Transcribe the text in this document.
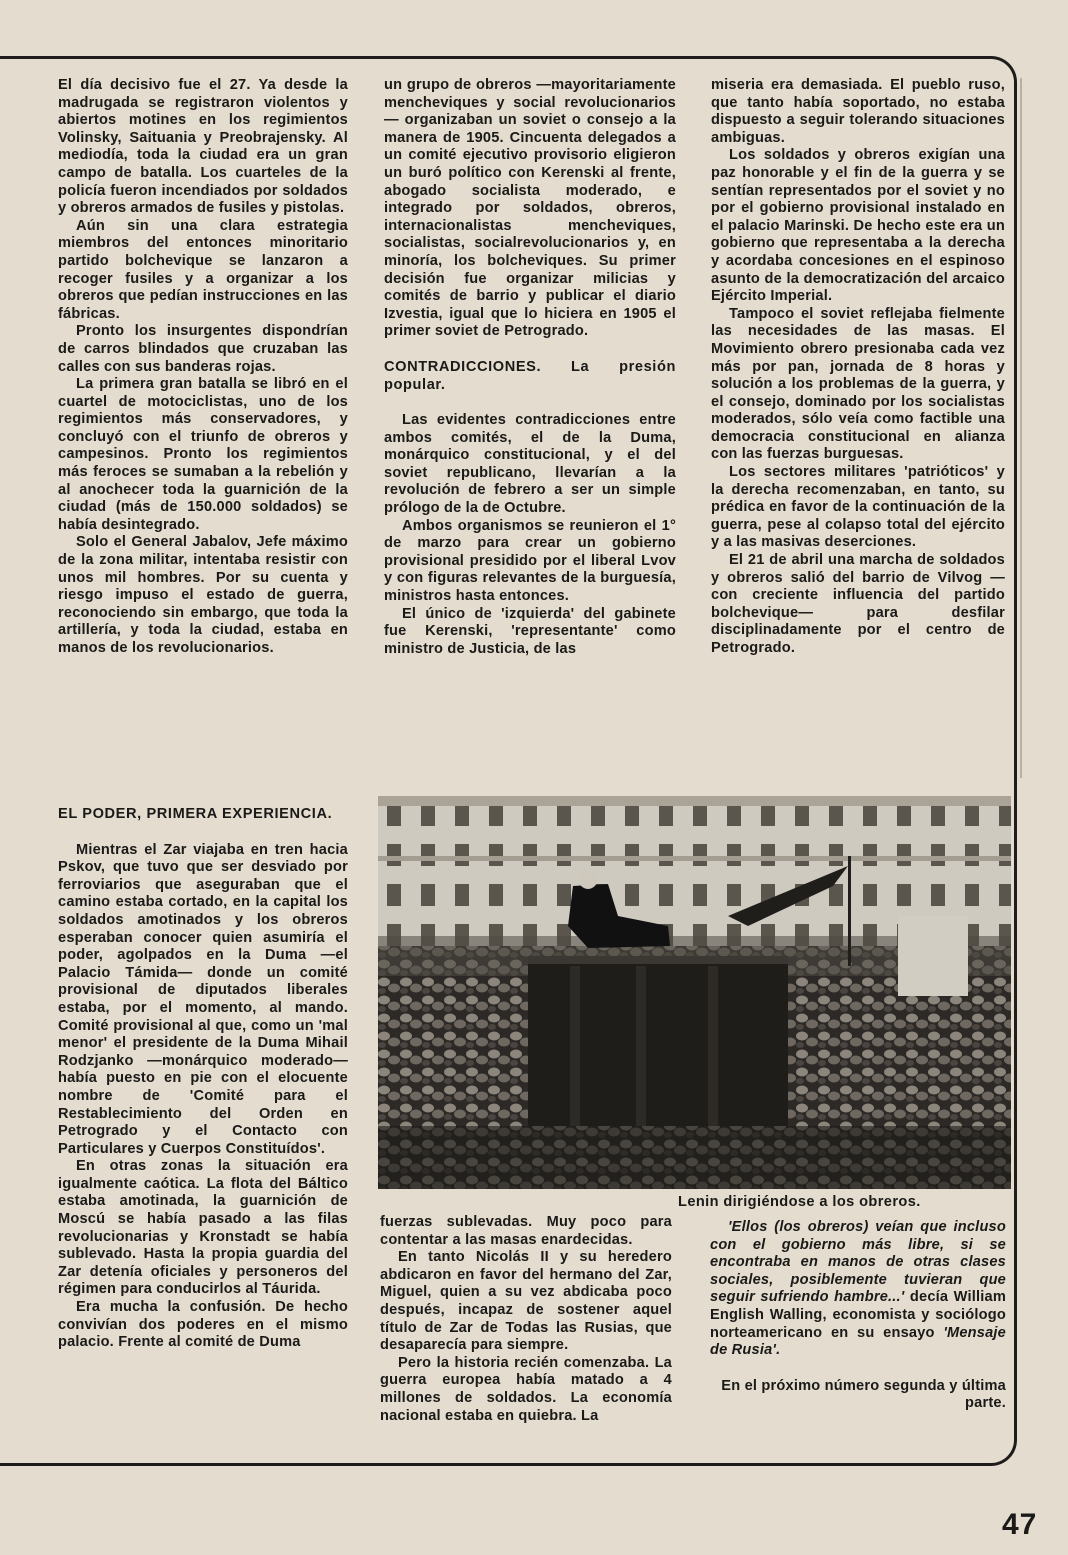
El día decisivo fue el 27. Ya desde la madrugada se registraron violentos y abiertos motines en los regimientos Volinsky, Saituania y Preobrajensky. Al mediodía, toda la ciudad era un gran campo de batalla. Los cuarteles de la policía fueron incendiados por soldados y obreros armados de fusiles y pistolas.

Aún sin una clara estrategia miembros del entonces minoritario partido bolchevique se lanzaron a recoger fusiles y a organizar a los obreros que pedían instrucciones en las fábricas.

Pronto los insurgentes dispondrían de carros blindados que cruzaban las calles con sus banderas rojas.

La primera gran batalla se libró en el cuartel de motociclistas, uno de los regimientos más conservadores, y concluyó con el triunfo de obreros y campesinos. Pronto los regimientos más feroces se sumaban a la rebelión y al anochecer toda la guarnición de la ciudad (más de 150.000 soldados) se había desintegrado.

Solo el General Jabalov, Jefe máximo de la zona militar, intentaba resistir con unos mil hombres. Por su cuenta y riesgo impuso el estado de guerra, reconociendo sin embargo, que toda la artillería, y toda la ciudad, estaba en manos de los revolucionarios.

EL PODER, PRIMERA EXPERIENCIA.

Mientras el Zar viajaba en tren hacia Pskov, que tuvo que ser desviado por ferroviarios que aseguraban que el camino estaba cortado, en la capital los soldados amotinados y los obreros esperaban conocer quien asumiría el poder, agolpados en la Duma —el Palacio Támida— donde un comité provisional de diputados liberales estaba, por el momento, al mando. Comité provisional al que, como un 'mal menor' el presidente de la Duma Mihail Rodzjanko —monárquico moderado— había puesto en pie con el elocuente nombre de 'Comité para el Restablecimiento del Orden en Petrogrado y el Contacto con Particulares y Cuerpos Constituídos'.

En otras zonas la situación era igualmente caótica. La flota del Báltico estaba amotinada, la guarnición de Moscú se había pasado a las filas revolucionarias y Kronstadt se había sublevado. Hasta la propia guardia del Zar detenía oficiales y personeros del régimen para conducirlos al Táurida.

Era mucha la confusión. De hecho convivían dos poderes en el mismo palacio. Frente al comité de Duma

un grupo de obreros —mayoritariamente mencheviques y social revolucionarios— organizaban un soviet o consejo a la manera de 1905. Cincuenta delegados a un comité ejecutivo provisorio eligieron un buró político con Kerenski al frente, abogado socialista moderado, e integrado por soldados, obreros, internacionalistas mencheviques, socialistas, socialrevolucionarios y, en minoría, los bolcheviques. Su primer decisión fue organizar milicias y comités de barrio y publicar el diario Izvestia, igual que lo hiciera en 1905 el primer soviet de Petrogrado.

CONTRADICCIONES. La presión popular.

Las evidentes contradicciones entre ambos comités, el de la Duma, monárquico constitucional, y el del soviet republicano, llevarían a la revolución de febrero a ser un simple prólogo de la de Octubre.

Ambos organismos se reunieron el 1° de marzo para crear un gobierno provisional presidido por el liberal Lvov y con figuras relevantes de la burguesía, ministros hasta entonces.

El único de 'izquierda' del gabinete fue Kerenski, 'representante' como ministro de Justicia, de las

fuerzas sublevadas. Muy poco para contentar a las masas enardecidas.

En tanto Nicolás II y su heredero abdicaron en favor del hermano del Zar, Miguel, quien a su vez abdicaba poco después, incapaz de sostener aquel título de Zar de Todas las Rusias, que desaparecía para siempre.

Pero la historia recién comenzaba. La guerra europea había matado a 4 millones de soldados. La economía nacional estaba en quiebra. La

miseria era demasiada. El pueblo ruso, que tanto había soportado, no estaba dispuesto a seguir tolerando situaciones ambiguas.

Los soldados y obreros exigían una paz honorable y el fin de la guerra y se sentían representados por el soviet y no por el gobierno provisional instalado en el palacio Marinski. De hecho este era un gobierno que representaba a la derecha y acordaba concesiones en el espinoso asunto de la democratización del arcaico Ejército Imperial.

Tampoco el soviet reflejaba fielmente las necesidades de las masas. El Movimiento obrero presionaba cada vez más por pan, jornada de 8 horas y solución a los problemas de la guerra, y el consejo, dominado por los socialistas moderados, sólo veía como factible una democracia constitucional en alianza con las fuerzas burguesas.

Los sectores militares 'patrióticos' y la derecha recomenzaban, en tanto, su prédica en favor de la continuación de la guerra, pese al colapso total del ejército y a las masivas deserciones.

El 21 de abril una marcha de soldados y obreros salió del barrio de Vilvog —con creciente influencia del partido bolchevique— para desfilar disciplinadamente por el centro de Petrogrado.

Lenin dirigiéndose a los obreros.

'Ellos (los obreros) veían que incluso con el gobierno más libre, si se encontraba en manos de otras clases sociales, posiblemente tuvieran que seguir sufriendo hambre...' decía William English Walling, economista y sociólogo norteamericano en su ensayo 'Mensaje de Rusia'.

En el próximo número segunda y última parte.

47
